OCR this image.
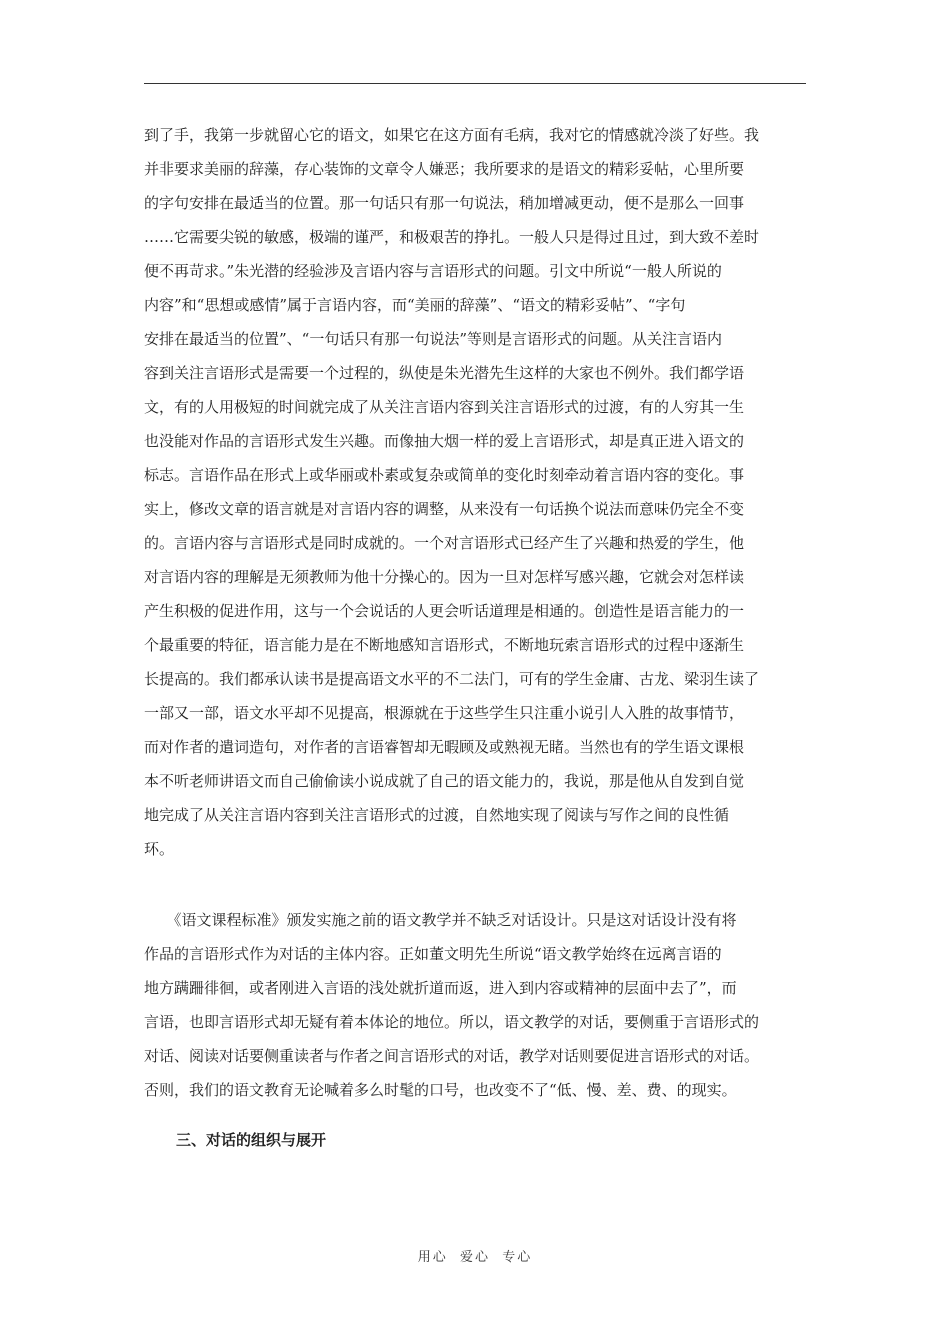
到了手，我第一步就留心它的语文，如果它在这方面有毛病，我对它的情感就冷淡了好些。我
并非要求美丽的辞藻，存心装饰的文章令人嫌恶；我所要求的是语文的精彩妥帖，心里所要
的字句安排在最适当的位置。那一句话只有那一句说法，稍加增减更动，便不是那么一回事
……它需要尖锐的敏感，极端的谨严，和极艰苦的挣扎。一般人只是得过且过，到大致不差时
便不再苛求。”朱光潜的经验涉及言语内容与言语形式的问题。引文中所说“一般人所说的
内容”和“思想或感情”属于言语内容，而“美丽的辞藻”、“语文的精彩妥帖”、“字句
安排在最适当的位置”、“一句话只有那一句说法”等则是言语形式的问题。从关注言语内
容到关注言语形式是需要一个过程的，纵使是朱光潜先生这样的大家也不例外。我们都学语
文，有的人用极短的时间就完成了从关注言语内容到关注言语形式的过渡，有的人穷其一生
也没能对作品的言语形式发生兴趣。而像抽大烟一样的爱上言语形式，却是真正进入语文的
标志。言语作品在形式上或华丽或朴素或复杂或简单的变化时刻牵动着言语内容的变化。事
实上，修改文章的语言就是对言语内容的调整，从来没有一句话换个说法而意味仍完全不变
的。言语内容与言语形式是同时成就的。一个对言语形式已经产生了兴趣和热爱的学生，他
对言语内容的理解是无须教师为他十分操心的。因为一旦对怎样写感兴趣，它就会对怎样读
产生积极的促进作用，这与一个会说话的人更会听话道理是相通的。创造性是语言能力的一
个最重要的特征，语言能力是在不断地感知言语形式，不断地玩索言语形式的过程中逐渐生
长提高的。我们都承认读书是提高语文水平的不二法门，可有的学生金庸、古龙、梁羽生读了
一部又一部，语文水平却不见提高，根源就在于这些学生只注重小说引人入胜的故事情节，
而对作者的遣词造句，对作者的言语睿智却无暇顾及或熟视无睹。当然也有的学生语文课根
本不听老师讲语文而自己偷偷读小说成就了自己的语文能力的，我说，那是他从自发到自觉
地完成了从关注言语内容到关注言语形式的过渡，自然地实现了阅读与写作之间的良性循
环。
　　《语文课程标准》颁发实施之前的语文教学并不缺乏对话设计。只是这对话设计没有将
作品的言语形式作为对话的主体内容。正如董文明先生所说“语文教学始终在远离言语的
地方蹒跚徘徊，或者刚进入言语的浅处就折道而返，进入到内容或精神的层面中去了”，而
言语，也即言语形式却无疑有着本体论的地位。所以，语文教学的对话，要侧重于言语形式的
对话、阅读对话要侧重读者与作者之间言语形式的对话，教学对话则要促进言语形式的对话。
否则，我们的语文教育无论喊着多么时髦的口号，也改变不了“低、慢、差、费、的现实。
三、对话的组织与展开
用心  爱心  专心
